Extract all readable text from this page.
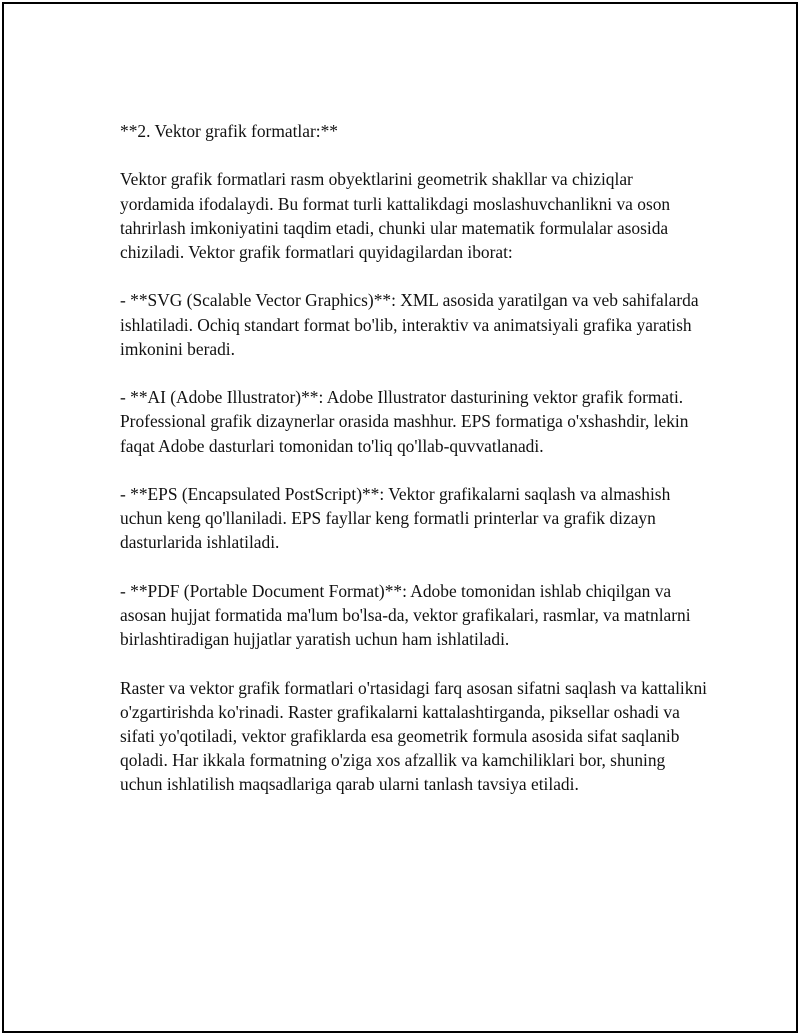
**2. Vektor grafik formatlar:**

Vektor grafik formatlari rasm obyektlarini geometrik shakllar va chiziqlar yordamida ifodalaydi. Bu format turli kattalikdagi moslashuvchanlikni va oson tahrirlash imkoniyatini taqdim etadi, chunki ular matematik formulalar asosida chiziladi. Vektor grafik formatlari quyidagilardan iborat:

- **SVG (Scalable Vector Graphics)**: XML asosida yaratilgan va veb sahifalarda ishlatiladi. Ochiq standart format bo'lib, interaktiv va animatsiyali grafika yaratish imkonini beradi.

- **AI (Adobe Illustrator)**: Adobe Illustrator dasturining vektor grafik formati. Professional grafik dizaynerlar orasida mashhur. EPS formatiga o'xshashdir, lekin faqat Adobe dasturlari tomonidan to'liq qo'llab-quvvatlanadi.

- **EPS (Encapsulated PostScript)**: Vektor grafikalarni saqlash va almashish uchun keng qo'llaniladi. EPS fayllar keng formatli printerlar va grafik dizayn dasturlarida ishlatiladi.

- **PDF (Portable Document Format)**: Adobe tomonidan ishlab chiqilgan va asosan hujjat formatida ma'lum bo'lsa-da, vektor grafikalari, rasmlar, va matnlarni birlashtiradigan hujjatlar yaratish uchun ham ishlatiladi.

Raster va vektor grafik formatlari o'rtasidagi farq asosan sifatni saqlash va kattalikni o'zgartirishda ko'rinadi. Raster grafikalarni kattalashtirganda, piksellar oshadi va sifati yo'qotiladi, vektor grafiklarda esa geometrik formula asosida sifat saqlanib qoladi. Har ikkala formatning o'ziga xos afzallik va kamchiliklari bor, shuning uchun ishlatilish maqsadlariga qarab ularni tanlash tavsiya etiladi.
